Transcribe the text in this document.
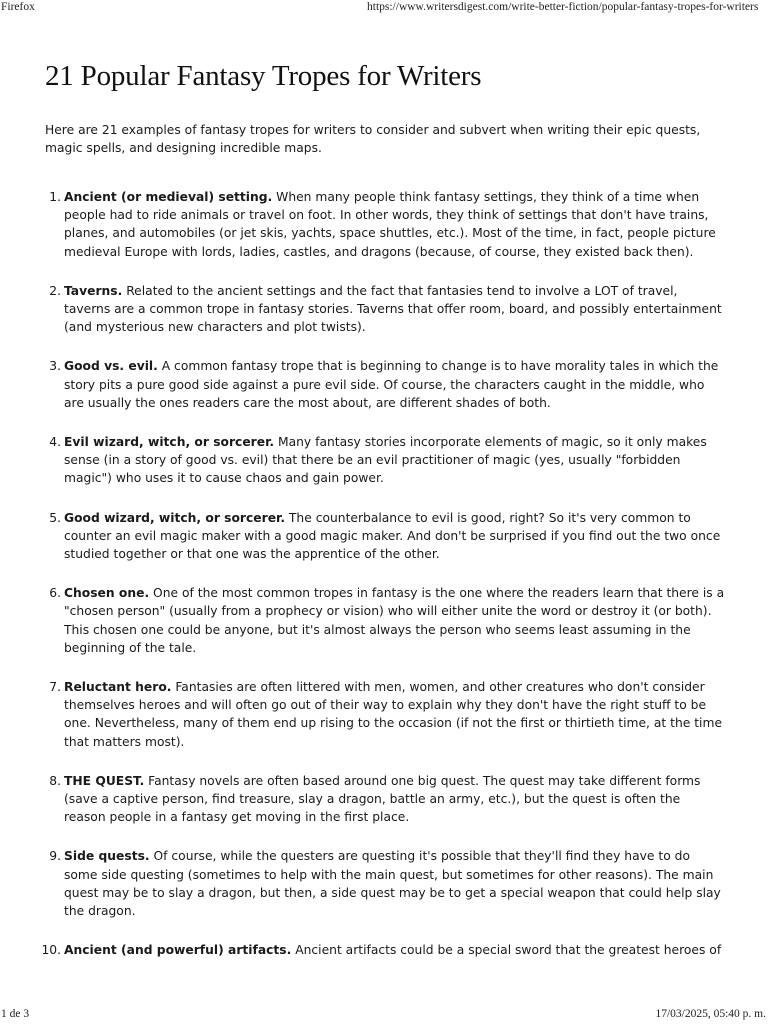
Firefox	https://www.writersdigest.com/write-better-fiction/popular-fantasy-tropes-for-writers
21 Popular Fantasy Tropes for Writers

Here are 21 examples of fantasy tropes for writers to consider and subvert when writing their epic quests, magic spells, and designing incredible maps.

1. Ancient (or medieval) setting. When many people think fantasy settings, they think of a time when people had to ride animals or travel on foot. In other words, they think of settings that don't have trains, planes, and automobiles (or jet skis, yachts, space shuttles, etc.). Most of the time, in fact, people picture medieval Europe with lords, ladies, castles, and dragons (because, of course, they existed back then).
2. Taverns. Related to the ancient settings and the fact that fantasies tend to involve a LOT of travel, taverns are a common trope in fantasy stories. Taverns that offer room, board, and possibly entertainment (and mysterious new characters and plot twists).
3. Good vs. evil. A common fantasy trope that is beginning to change is to have morality tales in which the story pits a pure good side against a pure evil side. Of course, the characters caught in the middle, who are usually the ones readers care the most about, are different shades of both.
4. Evil wizard, witch, or sorcerer. Many fantasy stories incorporate elements of magic, so it only makes sense (in a story of good vs. evil) that there be an evil practitioner of magic (yes, usually "forbidden magic") who uses it to cause chaos and gain power.
5. Good wizard, witch, or sorcerer. The counterbalance to evil is good, right? So it's very common to counter an evil magic maker with a good magic maker. And don't be surprised if you find out the two once studied together or that one was the apprentice of the other.
6. Chosen one. One of the most common tropes in fantasy is the one where the readers learn that there is a "chosen person" (usually from a prophecy or vision) who will either unite the word or destroy it (or both). This chosen one could be anyone, but it's almost always the person who seems least assuming in the beginning of the tale.
7. Reluctant hero. Fantasies are often littered with men, women, and other creatures who don't consider themselves heroes and will often go out of their way to explain why they don't have the right stuff to be one. Nevertheless, many of them end up rising to the occasion (if not the first or thirtieth time, at the time that matters most).
8. THE QUEST. Fantasy novels are often based around one big quest. The quest may take different forms (save a captive person, find treasure, slay a dragon, battle an army, etc.), but the quest is often the reason people in a fantasy get moving in the first place.
9. Side quests. Of course, while the questers are questing it's possible that they'll find they have to do some side questing (sometimes to help with the main quest, but sometimes for other reasons). The main quest may be to slay a dragon, but then, a side quest may be to get a special weapon that could help slay the dragon.
10. Ancient (and powerful) artifacts. Ancient artifacts could be a special sword that the greatest heroes of
1 de 3	17/03/2025, 05:40 p. m.
